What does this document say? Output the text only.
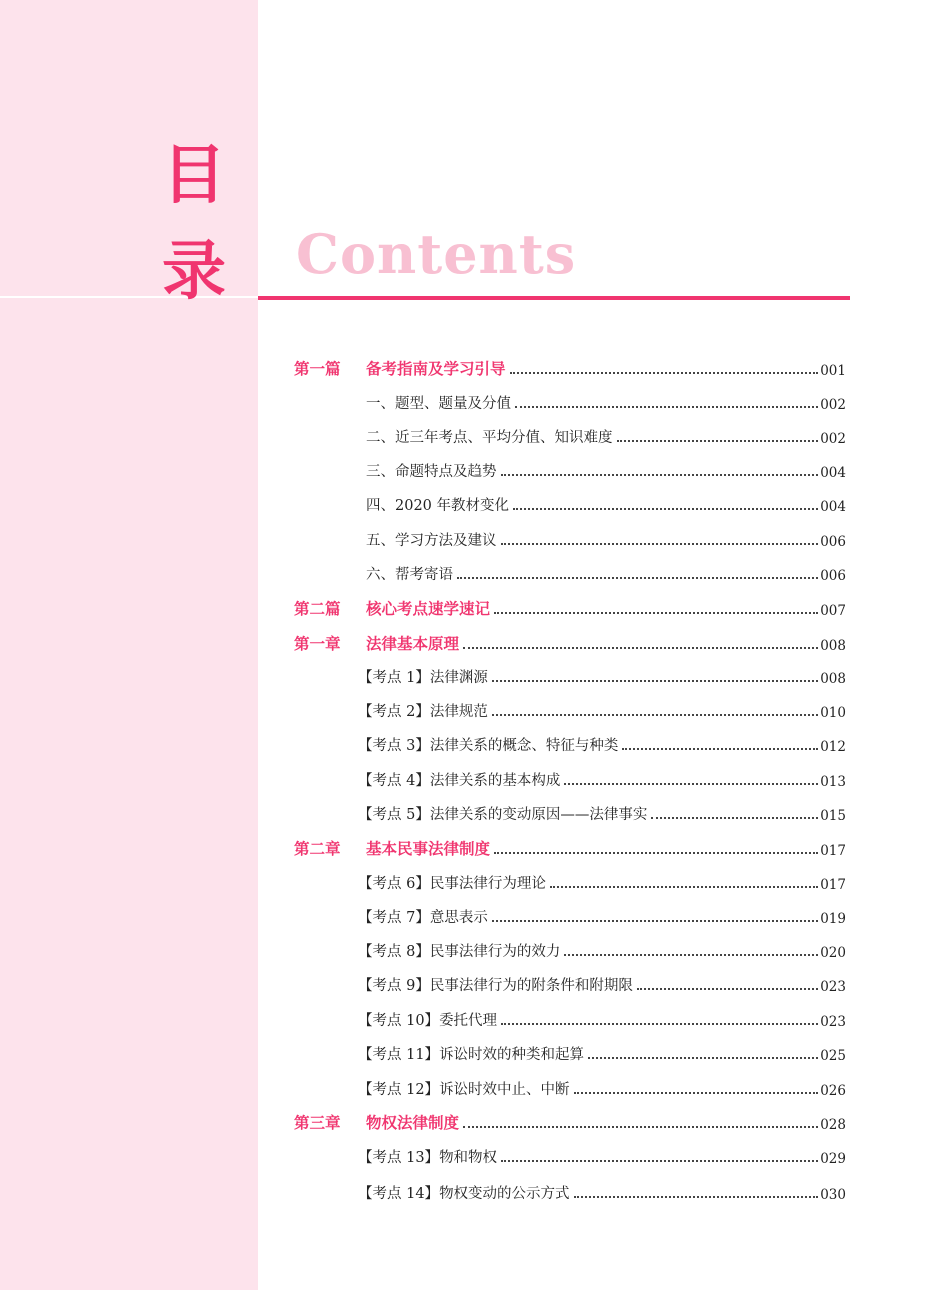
目
录 Contents
第一篇 备考指南及学习引导	001
一、题型、题量及分值	002
二、近三年考点、平均分值、知识难度	002
三、命题特点及趋势	004
四、2020 年教材变化	004
五、学习方法及建议	006
六、帮考寄语	006
第二篇 核心考点速学速记	007
第一章 法律基本原理	008
【考点 1】法律渊源	008
【考点 2】法律规范	010
【考点 3】法律关系的概念、特征与种类	012
【考点 4】法律关系的基本构成	013
【考点 5】法律关系的变动原因——法律事实	015
第二章 基本民事法律制度	017
【考点 6】民事法律行为理论	017
【考点 7】意思表示	019
【考点 8】民事法律行为的效力	020
【考点 9】民事法律行为的附条件和附期限	023
【考点 10】委托代理	023
【考点 11】诉讼时效的种类和起算	025
【考点 12】诉讼时效中止、中断	026
第三章 物权法律制度	028
【考点 13】物和物权	029
【考点 14】物权变动的公示方式	030
